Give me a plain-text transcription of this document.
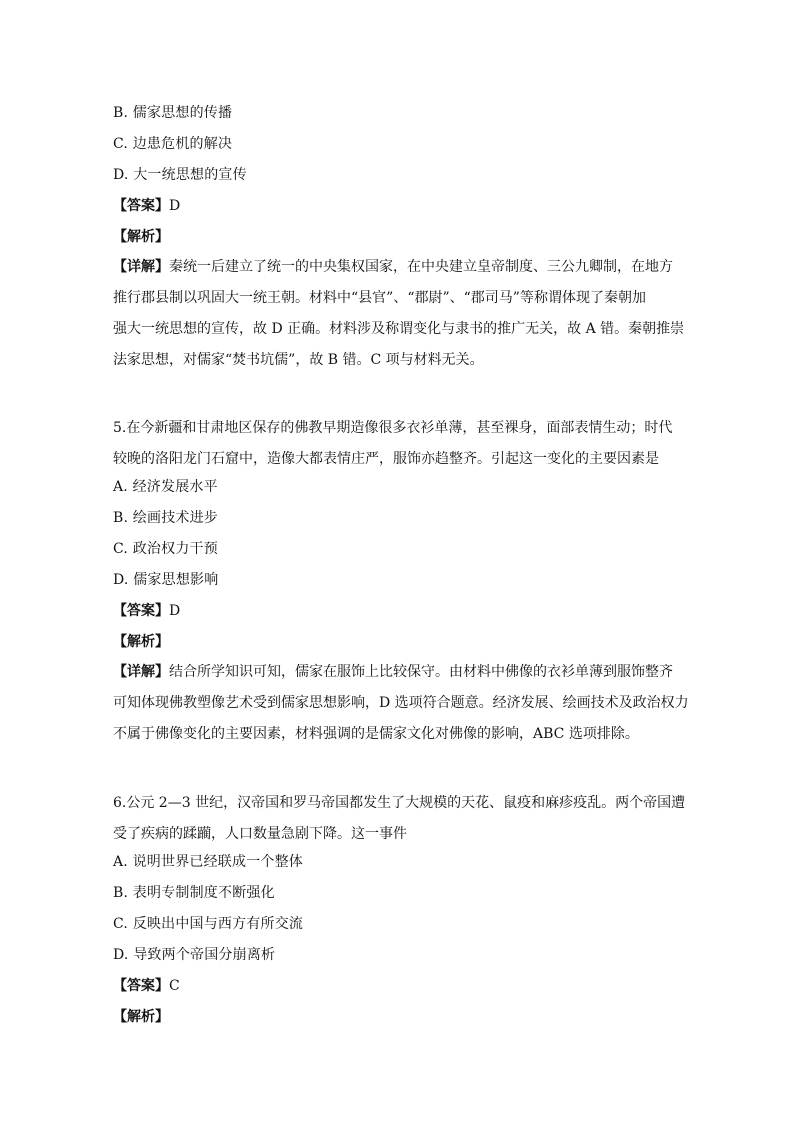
B. 儒家思想的传播
C. 边患危机的解决
D. 大一统思想的宣传
【答案】D
【解析】
【详解】秦统一后建立了统一的中央集权国家，在中央建立皇帝制度、三公九卿制，在地方
推行郡县制以巩固大一统王朝。材料中“县官”、“郡尉”、“郡司马”等称谓体现了秦朝加
强大一统思想的宣传，故 D 正确。材料涉及称谓变化与隶书的推广无关，故 A 错。秦朝推崇
法家思想，对儒家“焚书坑儒”，故 B 错。C 项与材料无关。
5.在今新疆和甘肃地区保存的佛教早期造像很多衣衫单薄，甚至裸身，面部表情生动；时代
较晚的洛阳龙门石窟中，造像大都表情庄严，服饰亦趋整齐。引起这一变化的主要因素是
A. 经济发展水平
B. 绘画技术进步
C. 政治权力干预
D. 儒家思想影响
【答案】D
【解析】
【详解】结合所学知识可知，儒家在服饰上比较保守。由材料中佛像的衣衫单薄到服饰整齐
可知体现佛教塑像艺术受到儒家思想影响，D 选项符合题意。经济发展、绘画技术及政治权力
不属于佛像变化的主要因素，材料强调的是儒家文化对佛像的影响，ABC 选项排除。
6.公元 2—3 世纪，汉帝国和罗马帝国都发生了大规模的天花、鼠疫和麻疹疫乱。两个帝国遭
受了疾病的蹂躏，人口数量急剧下降。这一事件
A. 说明世界已经联成一个整体
B. 表明专制制度不断强化
C. 反映出中国与西方有所交流
D. 导致两个帝国分崩离析
【答案】C
【解析】
